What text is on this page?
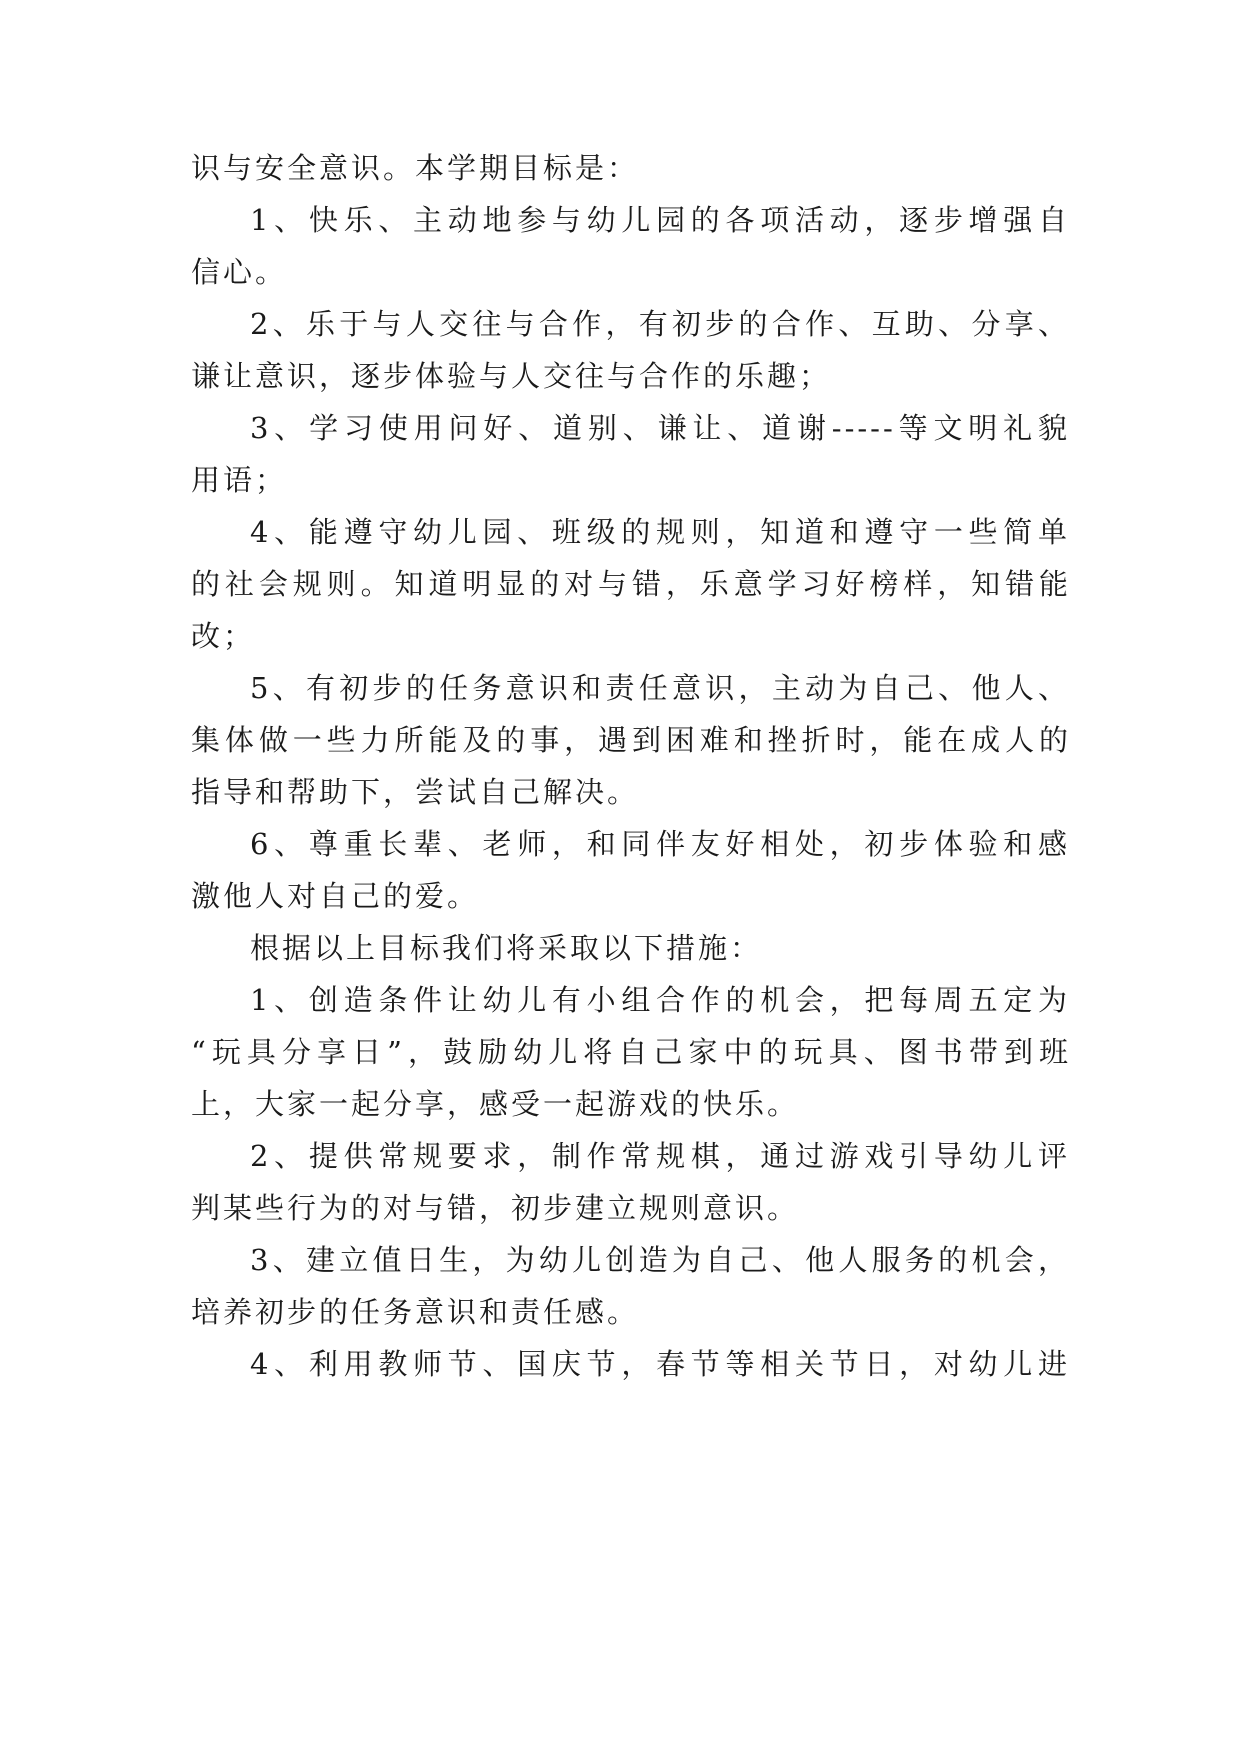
识与安全意识。本学期目标是：

1、快乐、主动地参与幼儿园的各项活动，逐步增强自

信心。

2、乐于与人交往与合作，有初步的合作、互助、分享、

谦让意识，逐步体验与人交往与合作的乐趣；

3、学习使用问好、道别、谦让、道谢-----等文明礼貌

用语；

4、能遵守幼儿园、班级的规则，知道和遵守一些简单

的社会规则。知道明显的对与错，乐意学习好榜样，知错能

改；

5、有初步的任务意识和责任意识，主动为自己、他人、

集体做一些力所能及的事，遇到困难和挫折时，能在成人的

指导和帮助下，尝试自己解决。

6、尊重长辈、老师，和同伴友好相处，初步体验和感

激他人对自己的爱。

根据以上目标我们将采取以下措施：

1、创造条件让幼儿有小组合作的机会，把每周五定为

“玩具分享日”，鼓励幼儿将自己家中的玩具、图书带到班

上，大家一起分享，感受一起游戏的快乐。

2、提供常规要求，制作常规棋，通过游戏引导幼儿评

判某些行为的对与错，初步建立规则意识。

3、建立值日生，为幼儿创造为自己、他人服务的机会，

培养初步的任务意识和责任感。

4、利用教师节、国庆节，春节等相关节日，对幼儿进
